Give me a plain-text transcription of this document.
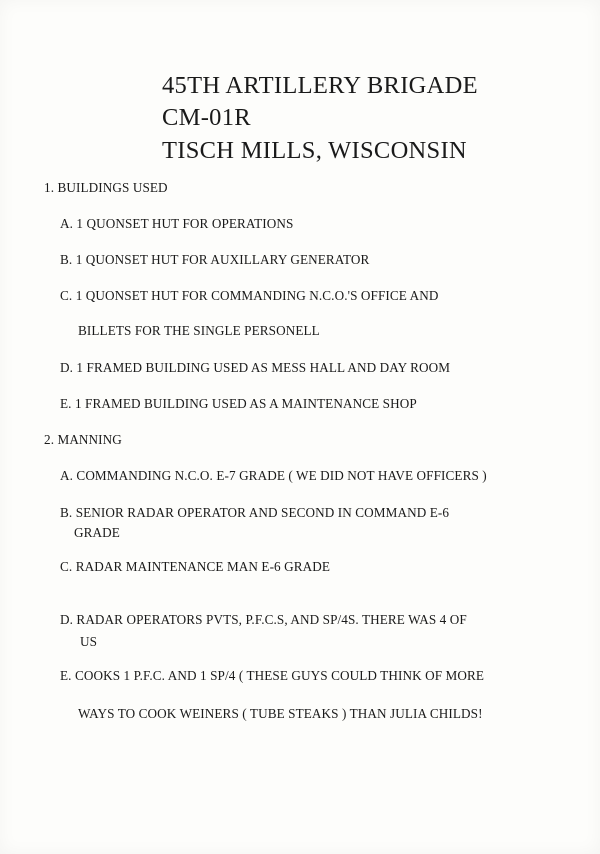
45TH ARTILLERY BRIGADE
CM-01R
TISCH MILLS, WISCONSIN
1. BUILDINGS USED
A. 1 QUONSET HUT FOR OPERATIONS
B. 1 QUONSET HUT FOR AUXILLARY GENERATOR
C. 1 QUONSET HUT FOR COMMANDING N.C.O.'S OFFICE AND
BILLETS FOR THE SINGLE PERSONELL
D. 1 FRAMED BUILDING USED AS MESS HALL AND DAY ROOM
E. 1 FRAMED BUILDING USED AS A MAINTENANCE SHOP
2. MANNING
A. COMMANDING N.C.O. E-7 GRADE ( WE DID NOT HAVE OFFICERS )
B. SENIOR RADAR OPERATOR AND SECOND IN COMMAND E-6
GRADE
C. RADAR MAINTENANCE MAN E-6 GRADE
D. RADAR OPERATORS PVTS, P.F.C.S, AND SP/4S. THERE WAS 4 OF
US
E. COOKS 1 P.F.C. AND 1 SP/4 ( THESE GUYS COULD THINK OF MORE
WAYS TO COOK WEINERS ( TUBE STEAKS ) THAN JULIA CHILDS!
